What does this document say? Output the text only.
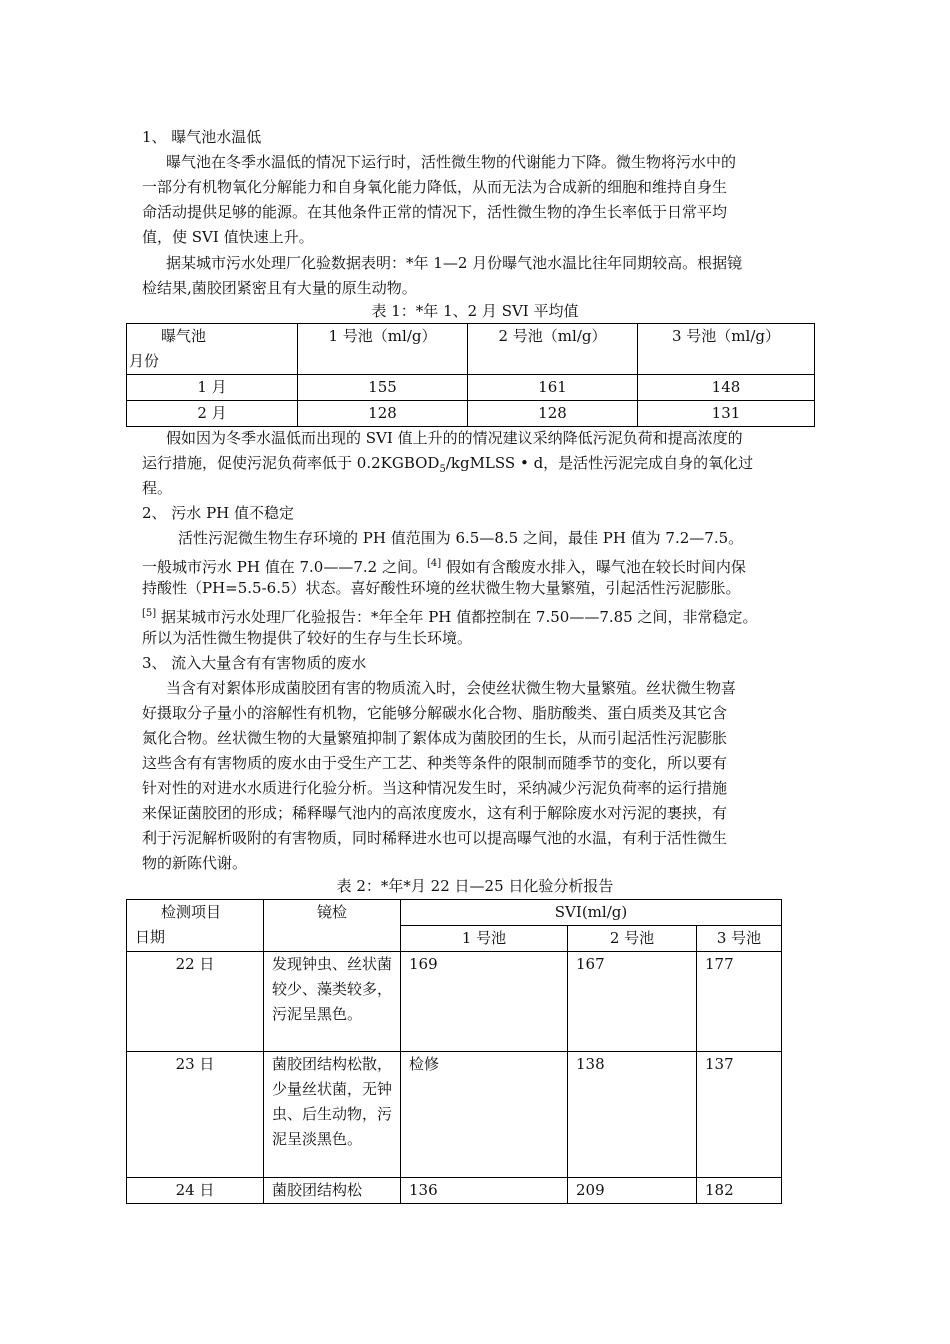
1、 曝气池水温低

曝气池在冬季水温低的情况下运行时，活性微生物的代谢能力下降。微生物将污水中的

一部分有机物氧化分解能力和自身氧化能力降低，从而无法为合成新的细胞和维持自身生

命活动提供足够的能源。在其他条件正常的情况下，活性微生物的净生长率低于日常平均

值，使 SVI 值快速上升。

据某城市污水处理厂化验数据表明：*年 1—2 月份曝气池水温比往年同期较高。根据镜

检结果,菌胶团紧密且有大量的原生动物。

表 1：*年 1、2 月 SVI 平均值
曝气池
月份	1 号池（ml/g）	2 号池（ml/g）	3 号池（ml/g）
1 月	155	161	148
2 月	128	128	131

假如因为冬季水温低而出现的 SVI 值上升的的情况建议采纳降低污泥负荷和提高浓度的

运行措施，促使污泥负荷率低于 $0.2KGBOD_5$/kgMLSS • d，是活性污泥完成自身的氧化过

程。

2、 污水 PH 值不稳定

活性污泥微生物生存环境的 PH 值范围为 6.5—8.5 之间，最佳 PH 值为 7.2—7.5。

一般城市污水 PH 值在 7.0——7.2 之间。[4] 假如有含酸废水排入，曝气池在较长时间内保

持酸性（PH=5.5-6.5）状态。喜好酸性环境的丝状微生物大量繁殖，引起活性污泥膨胀。

[5] 据某城市污水处理厂化验报告：*年全年 PH 值都控制在 7.50——7.85 之间，非常稳定。

所以为活性微生物提供了较好的生存与生长环境。

3、 流入大量含有有害物质的废水

当含有对絮体形成菌胶团有害的物质流入时，会使丝状微生物大量繁殖。丝状微生物喜

好摄取分子量小的溶解性有机物，它能够分解碳水化合物、脂肪酸类、蛋白质类及其它含

氮化合物。丝状微生物的大量繁殖抑制了絮体成为菌胶团的生长，从而引起活性污泥膨胀

这些含有有害物质的废水由于受生产工艺、种类等条件的限制而随季节的变化，所以要有

针对性的对进水水质进行化验分析。当这种情况发生时，采纳减少污泥负荷率的运行措施

来保证菌胶团的形成；稀释曝气池内的高浓度废水，这有利于解除废水对污泥的裹挟，有

利于污泥解析吸附的有害物质，同时稀释进水也可以提高曝气池的水温，有利于活性微生

物的新陈代谢。

表 2：*年*月 22 日—25 日化验分析报告
检测项目
日期	镜检	SVI(ml/g)		
		1 号池	2 号池	3 号池
22 日	发现钟虫、丝状菌较少、藻类较多，污泥呈黑色。	169	167	177
23 日	菌胶团结构松散，少量丝状菌，无钟虫、后生动物，污泥呈淡黑色。	检修	138	137
24 日	菌胶团结构松	136	209	182
